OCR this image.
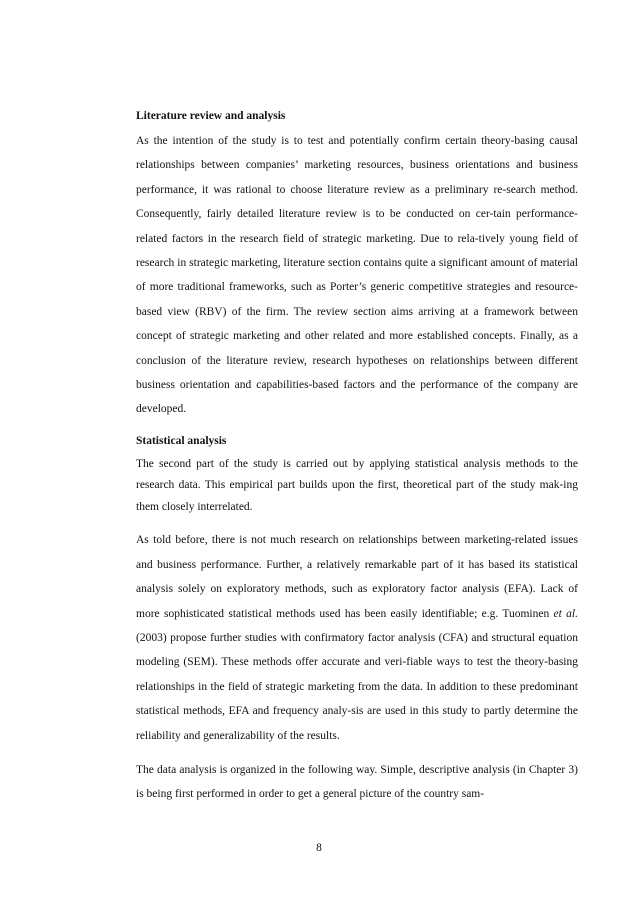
Literature review and analysis

As the intention of the study is to test and potentially confirm certain theory-basing causal relationships between companies’ marketing resources, business orientations and business performance, it was rational to choose literature review as a preliminary re-search method. Consequently, fairly detailed literature review is to be conducted on cer-tain performance-related factors in the research field of strategic marketing. Due to rela-tively young field of research in strategic marketing, literature section contains quite a significant amount of material of more traditional frameworks, such as Porter’s generic competitive strategies and resource-based view (RBV) of the firm. The review section aims arriving at a framework between concept of strategic marketing and other related and more established concepts. Finally, as a conclusion of the literature review, research hypotheses on relationships between different business orientation and capabilities-based factors and the performance of the company are developed.

Statistical analysis

The second part of the study is carried out by applying statistical analysis methods to the research data. This empirical part builds upon the first, theoretical part of the study mak-ing them closely interrelated.

As told before, there is not much research on relationships between marketing-related issues and business performance. Further, a relatively remarkable part of it has based its statistical analysis solely on exploratory methods, such as exploratory factor analysis (EFA). Lack of more sophisticated statistical methods used has been easily identifiable; e.g. Tuominen et al. (2003) propose further studies with confirmatory factor analysis (CFA) and structural equation modeling (SEM). These methods offer accurate and veri-fiable ways to test the theory-basing relationships in the field of strategic marketing from the data. In addition to these predominant statistical methods, EFA and frequency analy-sis are used in this study to partly determine the reliability and generalizability of the results.

The data analysis is organized in the following way. Simple, descriptive analysis (in Chapter 3) is being first performed in order to get a general picture of the country sam-

8
